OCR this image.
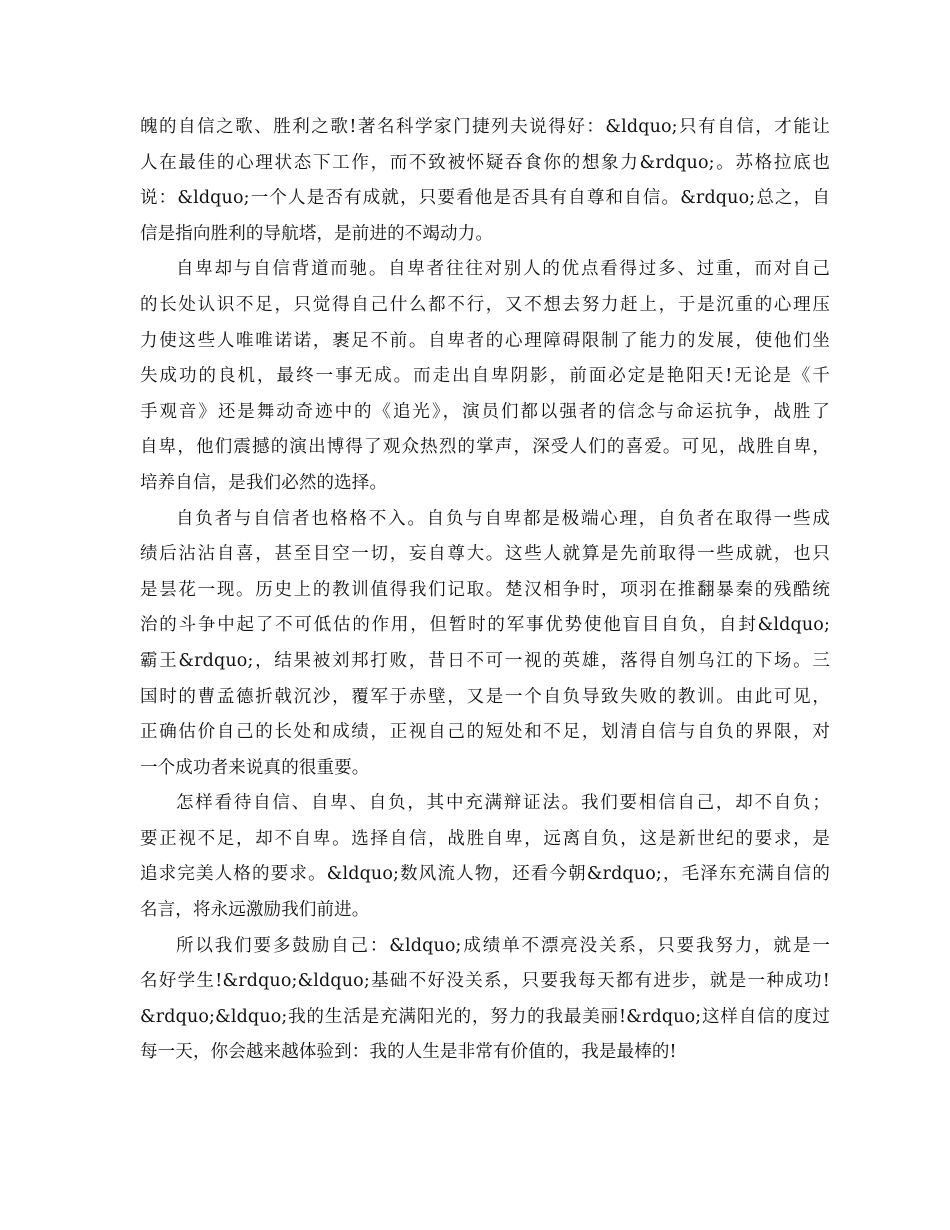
魄的自信之歌、胜利之歌!著名科学家门捷列夫说得好：&ldquo;只有自信，才能让
人在最佳的心理状态下工作，而不致被怀疑吞食你的想象力&rdquo;。苏格拉底也
说：&ldquo;一个人是否有成就，只要看他是否具有自尊和自信。&rdquo;总之，自
信是指向胜利的导航塔，是前进的不竭动力。
自卑却与自信背道而驰。自卑者往往对别人的优点看得过多、过重，而对自己
的长处认识不足，只觉得自己什么都不行，又不想去努力赶上，于是沉重的心理压
力使这些人唯唯诺诺，裹足不前。自卑者的心理障碍限制了能力的发展，使他们坐
失成功的良机，最终一事无成。而走出自卑阴影，前面必定是艳阳天!无论是《千
手观音》还是舞动奇迹中的《追光》，演员们都以强者的信念与命运抗争，战胜了
自卑，他们震撼的演出博得了观众热烈的掌声，深受人们的喜爱。可见，战胜自卑，
培养自信，是我们必然的选择。
自负者与自信者也格格不入。自负与自卑都是极端心理，自负者在取得一些成
绩后沾沾自喜，甚至目空一切，妄自尊大。这些人就算是先前取得一些成就，也只
是昙花一现。历史上的教训值得我们记取。楚汉相争时，项羽在推翻暴秦的残酷统
治的斗争中起了不可低估的作用，但暂时的军事优势使他盲目自负，自封&ldquo;
霸王&rdquo;，结果被刘邦打败，昔日不可一视的英雄，落得自刎乌江的下场。三
国时的曹孟德折戟沉沙，覆军于赤壁，又是一个自负导致失败的教训。由此可见，
正确估价自己的长处和成绩，正视自己的短处和不足，划清自信与自负的界限，对
一个成功者来说真的很重要。
怎样看待自信、自卑、自负，其中充满辩证法。我们要相信自己，却不自负；
要正视不足，却不自卑。选择自信，战胜自卑，远离自负，这是新世纪的要求，是
追求完美人格的要求。&ldquo;数风流人物，还看今朝&rdquo;，毛泽东充满自信的
名言，将永远激励我们前进。
所以我们要多鼓励自己：&ldquo;成绩单不漂亮没关系，只要我努力，就是一
名好学生!&rdquo;&ldquo;基础不好没关系，只要我每天都有进步，就是一种成功!
&rdquo;&ldquo;我的生活是充满阳光的，努力的我最美丽!&rdquo;这样自信的度过
每一天，你会越来越体验到：我的人生是非常有价值的，我是最棒的!
